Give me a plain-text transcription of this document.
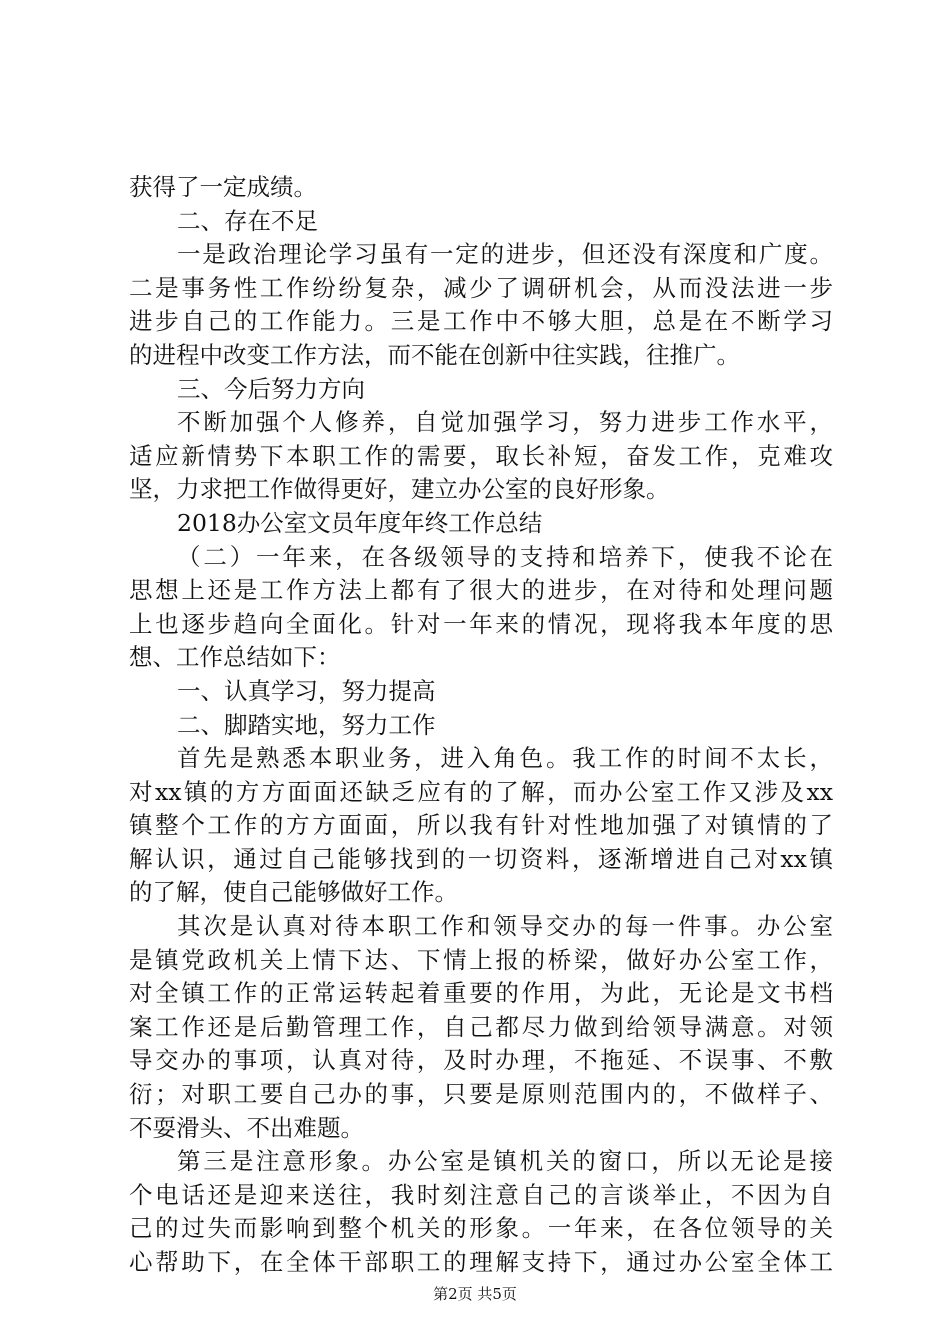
获得了一定成绩。
二、存在不足
一是政治理论学习虽有一定的进步，但还没有深度和广度。
二是事务性工作纷纷复杂，减少了调研机会，从而没法进一步
进步自己的工作能力。三是工作中不够大胆，总是在不断学习
的进程中改变工作方法，而不能在创新中往实践，往推广。
三、今后努力方向
不断加强个人修养，自觉加强学习，努力进步工作水平，
适应新情势下本职工作的需要，取长补短，奋发工作，克难攻
坚，力求把工作做得更好，建立办公室的良好形象。
2018办公室文员年度年终工作总结
（二）一年来，在各级领导的支持和培养下，使我不论在
思想上还是工作方法上都有了很大的进步，在对待和处理问题
上也逐步趋向全面化。针对一年来的情况，现将我本年度的思
想、工作总结如下：
一、认真学习，努力提高
二、脚踏实地，努力工作
首先是熟悉本职业务，进入角色。我工作的时间不太长，
对xx镇的方方面面还缺乏应有的了解，而办公室工作又涉及xx
镇整个工作的方方面面，所以我有针对性地加强了对镇情的了
解认识，通过自己能够找到的一切资料，逐渐增进自己对xx镇
的了解，使自己能够做好工作。
其次是认真对待本职工作和领导交办的每一件事。办公室
是镇党政机关上情下达、下情上报的桥梁，做好办公室工作，
对全镇工作的正常运转起着重要的作用，为此，无论是文书档
案工作还是后勤管理工作，自己都尽力做到给领导满意。对领
导交办的事项，认真对待，及时办理，不拖延、不误事、不敷
衍；对职工要自己办的事，只要是原则范围内的，不做样子、
不耍滑头、不出难题。
第三是注意形象。办公室是镇机关的窗口，所以无论是接
个电话还是迎来送往，我时刻注意自己的言谈举止，不因为自
己的过失而影响到整个机关的形象。一年来，在各位领导的关
心帮助下，在全体干部职工的理解支持下，通过办公室全体工
第2页 共5页
